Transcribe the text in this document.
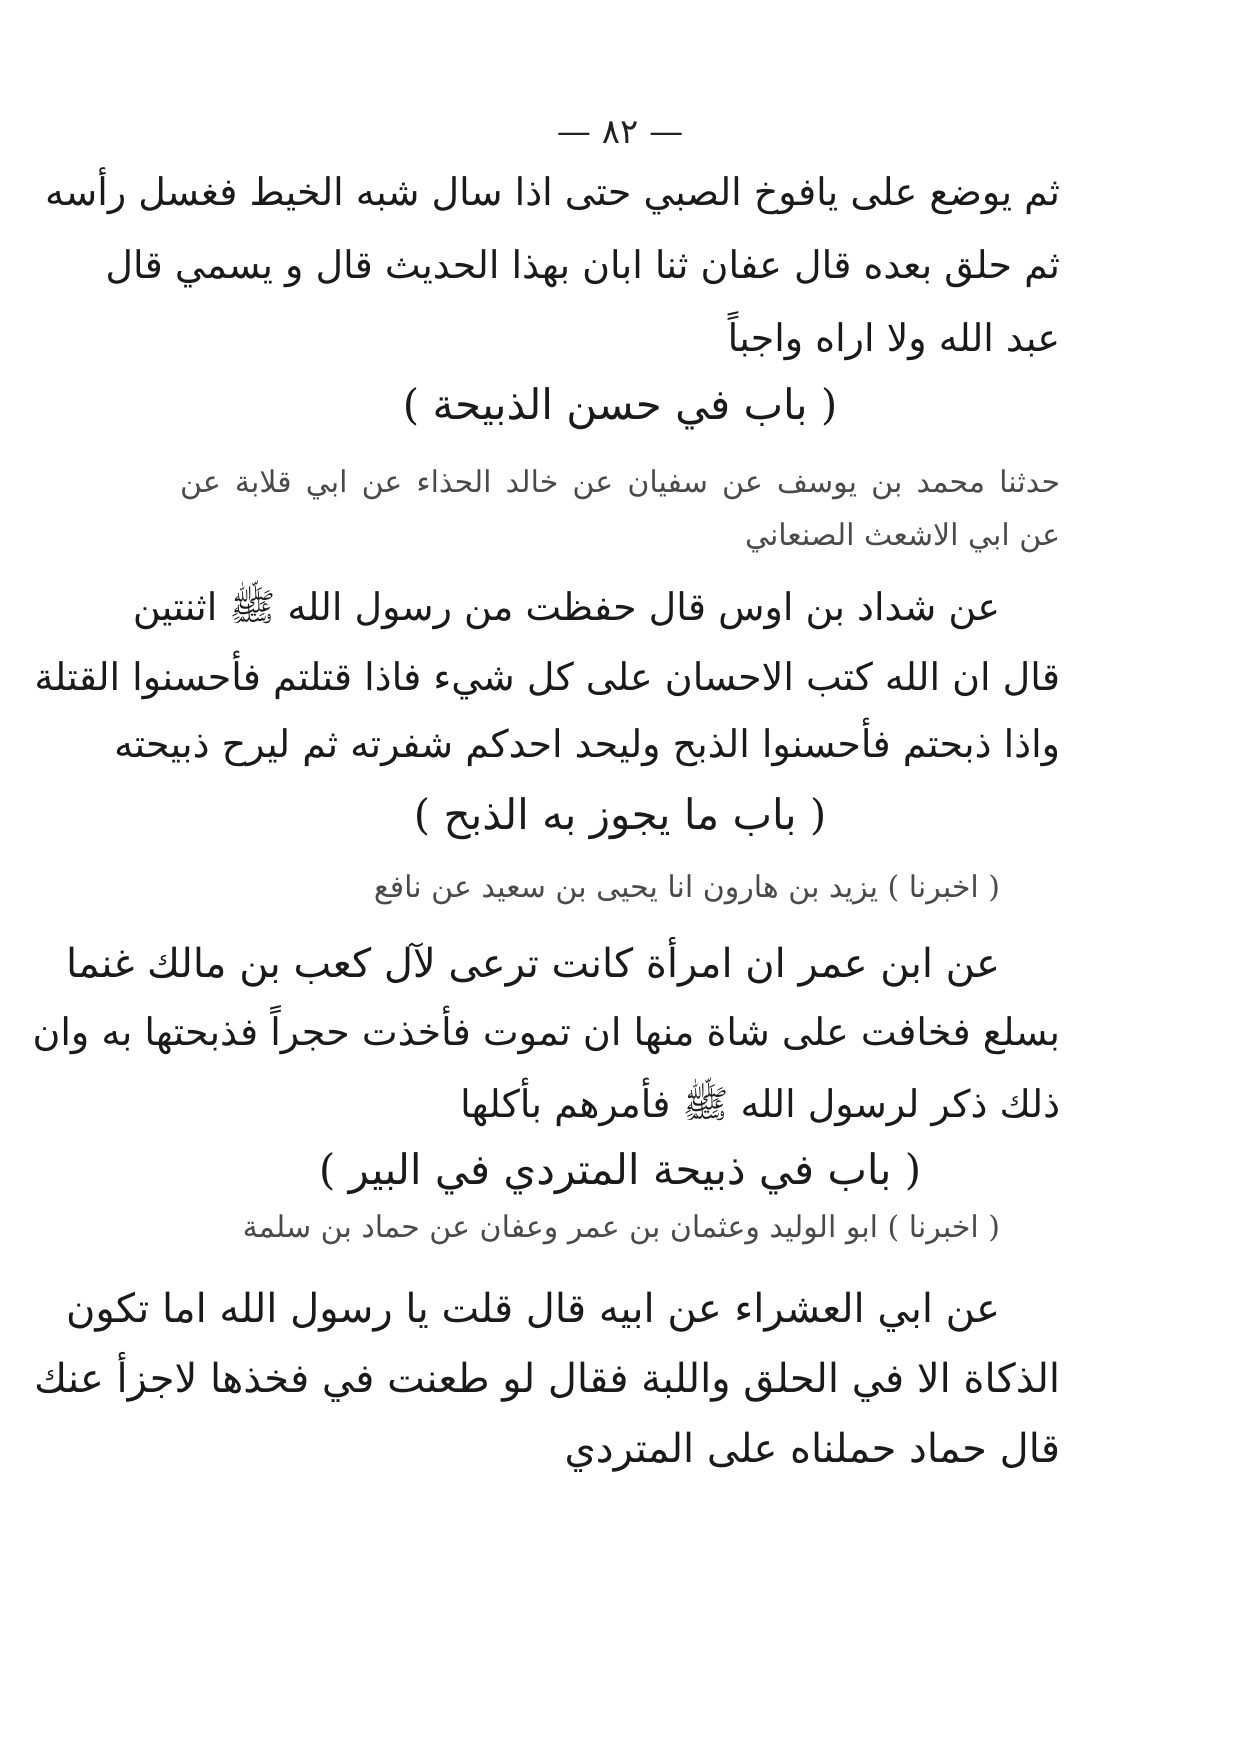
— ٨٢ —
ثم يوضع على يافوخ الصبي حتى اذا سال شبه الخيط فغسل رأسه
ثم حلق بعده قال عفان ثنا ابان بهذا الحديث قال و يسمي قال
عبد الله ولا اراه واجباً
( باب في حسن الذبيحة )
حدثنا محمد بن يوسف عن سفيان عن خالد الحذاء عن ابي قلابة عن
عن ابي الاشعث الصنعاني
عن شداد بن اوس قال حفظت من رسول الله ﷺ اثنتين
قال ان الله كتب الاحسان على كل شيء فاذا قتلتم فأحسنوا القتلة
واذا ذبحتم فأحسنوا الذبح وليحد احدكم شفرته ثم ليرح ذبيحته
( باب ما يجوز به الذبح )
( اخبرنا ) يزيد بن هارون انا يحيى بن سعيد عن نافع
عن ابن عمر ان امرأة كانت ترعى لآل كعب بن مالك غنما
بسلع فخافت على شاة منها ان تموت فأخذت حجراً فذبحتها به وان
ذلك ذكر لرسول الله ﷺ فأمرهم بأكلها
( باب في ذبيحة المتردي في البير )
( اخبرنا ) ابو الوليد وعثمان بن عمر وعفان عن حماد بن سلمة
عن ابي العشراء عن ابيه قال قلت يا رسول الله اما تكون
الذكاة الا في الحلق واللبة فقال لو طعنت في فخذها لاجزأ عنك
قال حماد حملناه على المتردي
